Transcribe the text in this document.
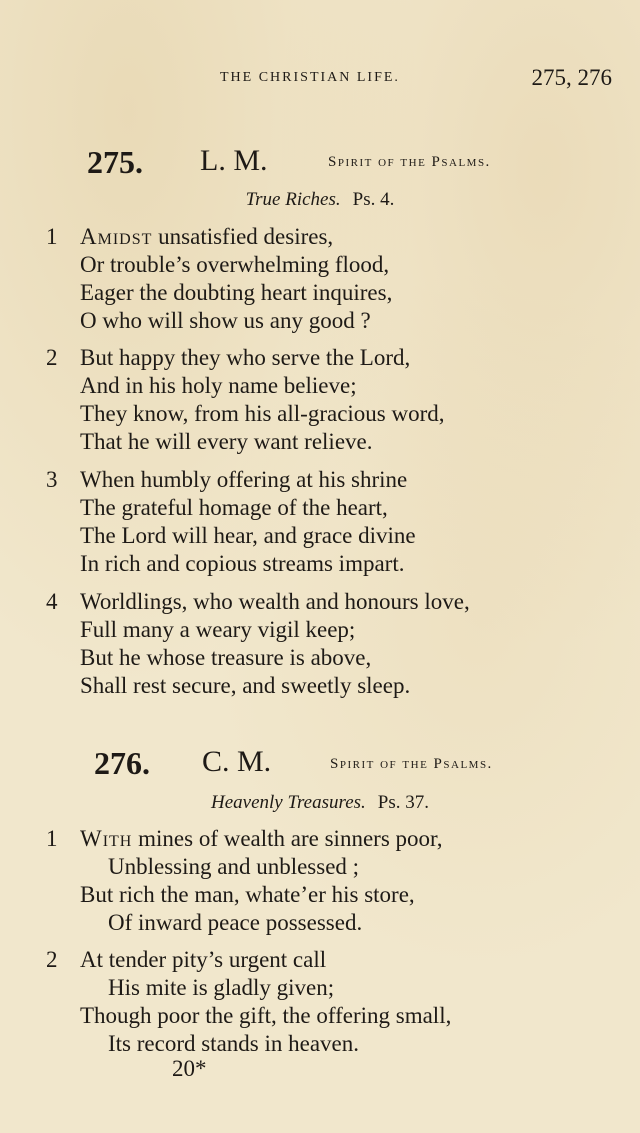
THE CHRISTIAN LIFE.	275, 276
275. L. M.	Spirit of the Psalms.
True Riches. Ps. 4.
1 Amidst unsatisfied desires,
Or trouble’s overwhelming flood,
Eager the doubting heart inquires,
O who will show us any good ?
2 But happy they who serve the Lord,
And in his holy name believe;
They know, from his all-gracious word,
That he will every want relieve.
3 When humbly offering at his shrine
The grateful homage of the heart,
The Lord will hear, and grace divine
In rich and copious streams impart.
4 Worldlings, who wealth and honours love,
Full many a weary vigil keep;
But he whose treasure is above,
Shall rest secure, and sweetly sleep.
276. C. M.	Spirit of the Psalms.
Heavenly Treasures. Ps. 37.
1 With mines of wealth are sinners poor,
Unblessing and unblessed ;
But rich the man, whate’er his store,
Of inward peace possessed.
2 At tender pity’s urgent call
His mite is gladly given;
Though poor the gift, the offering small,
Its record stands in heaven.
20*
